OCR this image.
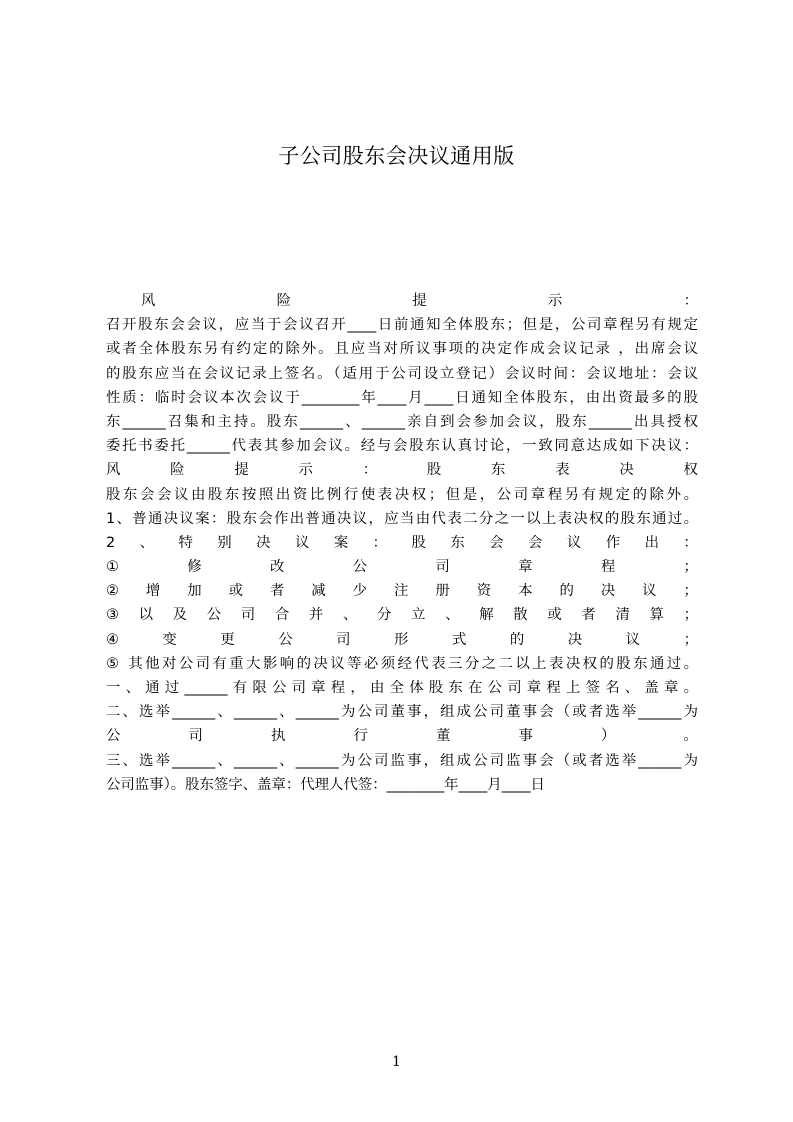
子公司股东会决议通用版
风	险	提	示	：
召开股东会会议，应当于会议召开____日前通知全体股东；但是，公司章程另有规定
或者全体股东另有约定的除外。且应当对所议事项的决定作成会议记录 ，出席会议
的股东应当在会议记录上签名。（适用于公司设立登记）会议时间：会议地址：会议
性质：临时会议本次会议于________年____月____日通知全体股东，由出资最多的股
东______召集和主持。股东______、______亲自到会参加会议，股东______出具授权
委托书委托______代表其参加会议。经与会股东认真讨论，一致同意达成如下决议：
风	险	提	示	：	股	东	表	决	权
股东会会议由股东按照出资比例行使表决权；但是，公司章程另有规定的除外。
1、普通决议案：股东会作出普通决议，应当由代表二分之一以上表决权的股东通过。
2 、 特 别 决 议 案 ： 股 东 会 会 议 作 出 ：
①	修	改	公	司	章	程	；
② 增 加 或 者 减 少 注 册 资 本 的 决 议 ；
③ 以 及 公 司 合 并 、 分 立 、 解 散 或 者 清 算 ；
④	变	更	公	司	形	式	的	决	议	；
⑤ 其他对公司有重大影响的决议等必须经代表三分之二以上表决权的股东通过。
一、通过______有限公司章程，由全体股东在公司章程上签名、盖章。
二、选举______、______、______为公司董事，组成公司董事会（或者选举______为
公	司	执	行	董	事	）	。
三、选举______、______、______为公司监事，组成公司监事会（或者选举______为
公司监事）。股东签字、盖章：代理人代签：________年____月____日
1
